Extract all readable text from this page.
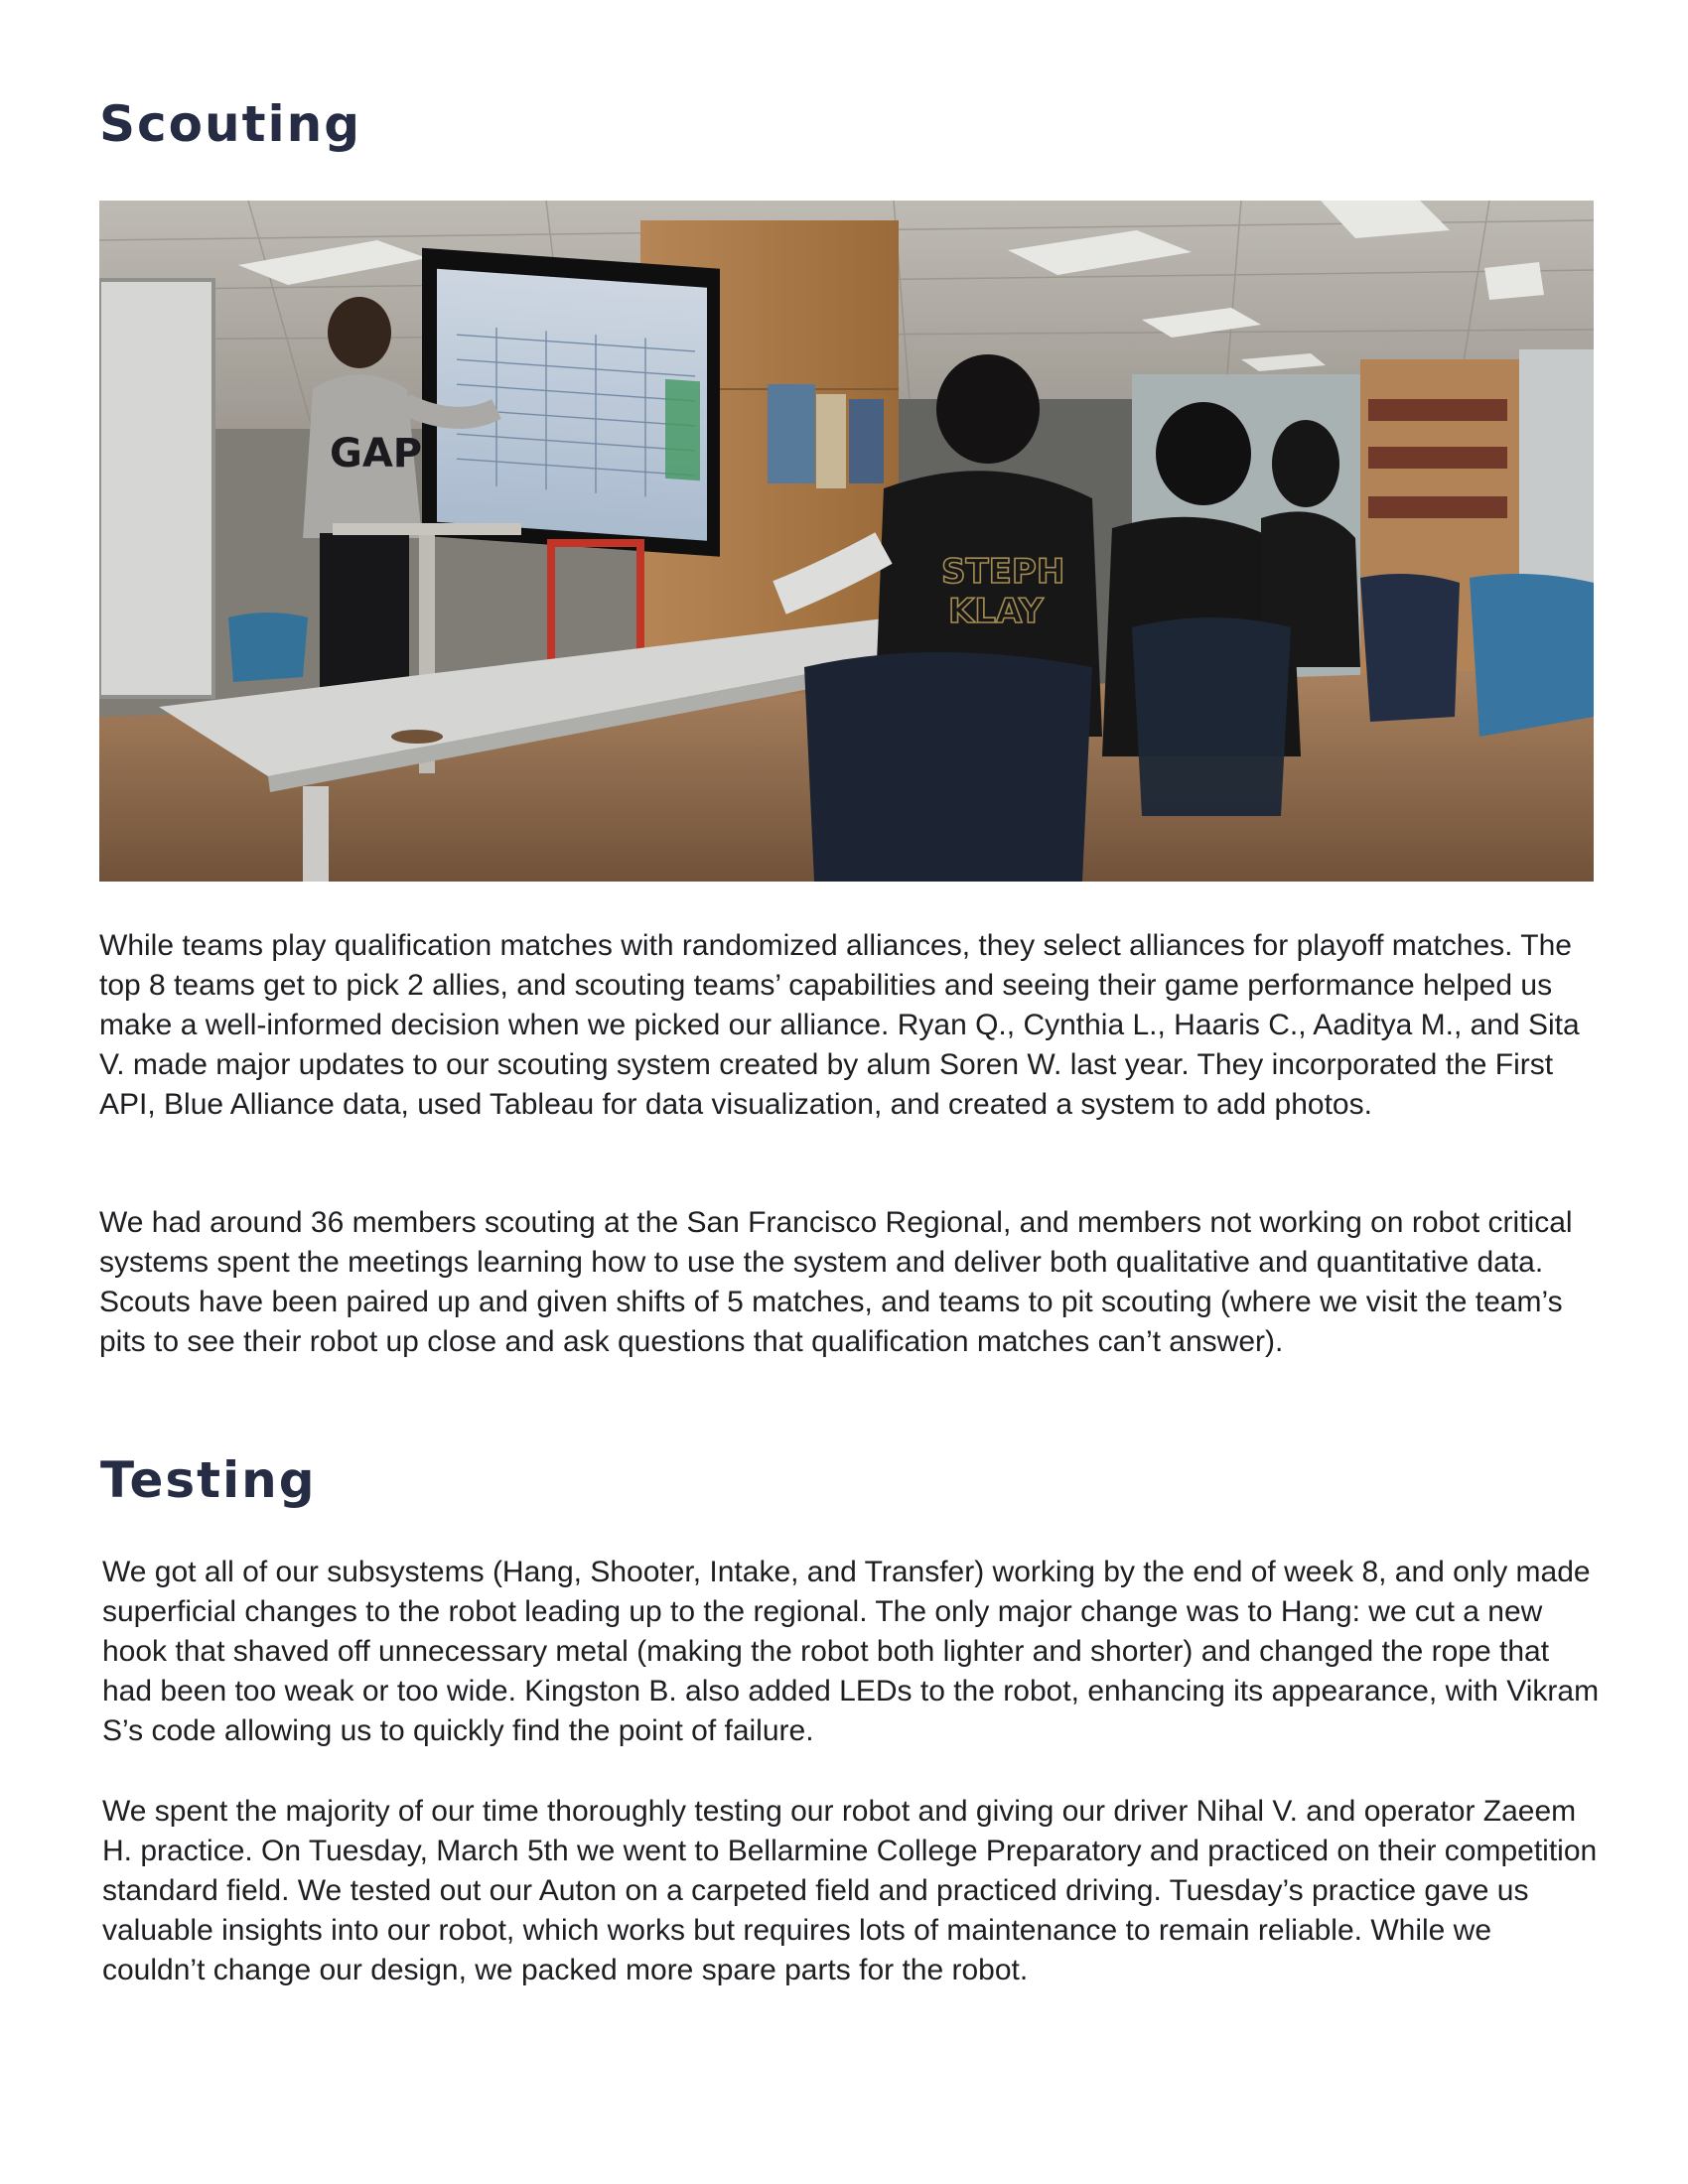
Scouting
GAP
STEPH
KLAY

While teams play qualification matches with randomized alliances, they select alliances for playoff matches. The top 8 teams get to pick 2 allies, and scouting teams’ capabilities and seeing their game performance helped us make a well-informed decision when we picked our alliance. Ryan Q., Cynthia L., Haaris C., Aaditya M., and Sita V. made major updates to our scouting system created by alum Soren W. last year. They incorporated the First API, Blue Alliance data, used Tableau for data visualization, and created a system to add photos.

We had around 36 members scouting at the San Francisco Regional, and members not working on robot critical systems spent the meetings learning how to use the system and deliver both qualitative and quantitative data. Scouts have been paired up and given shifts of 5 matches, and teams to pit scouting (where we visit the team’s pits to see their robot up close and ask questions that qualification matches can’t answer).

Testing

We got all of our subsystems (Hang, Shooter, Intake, and Transfer) working by the end of week 8, and only made superficial changes to the robot leading up to the regional. The only major change was to Hang: we cut a new hook that shaved off unnecessary metal (making the robot both lighter and shorter) and changed the rope that had been too weak or too wide. Kingston B. also added LEDs to the robot, enhancing its appearance, with Vikram S’s code allowing us to quickly find the point of failure.

We spent the majority of our time thoroughly testing our robot and giving our driver Nihal V. and operator Zaeem H. practice. On Tuesday, March 5th we went to Bellarmine College Preparatory and practiced on their competition standard field. We tested out our Auton on a carpeted field and practiced driving. Tuesday’s practice gave us valuable insights into our robot, which works but requires lots of maintenance to remain reliable. While we couldn’t change our design, we packed more spare parts for the robot.
